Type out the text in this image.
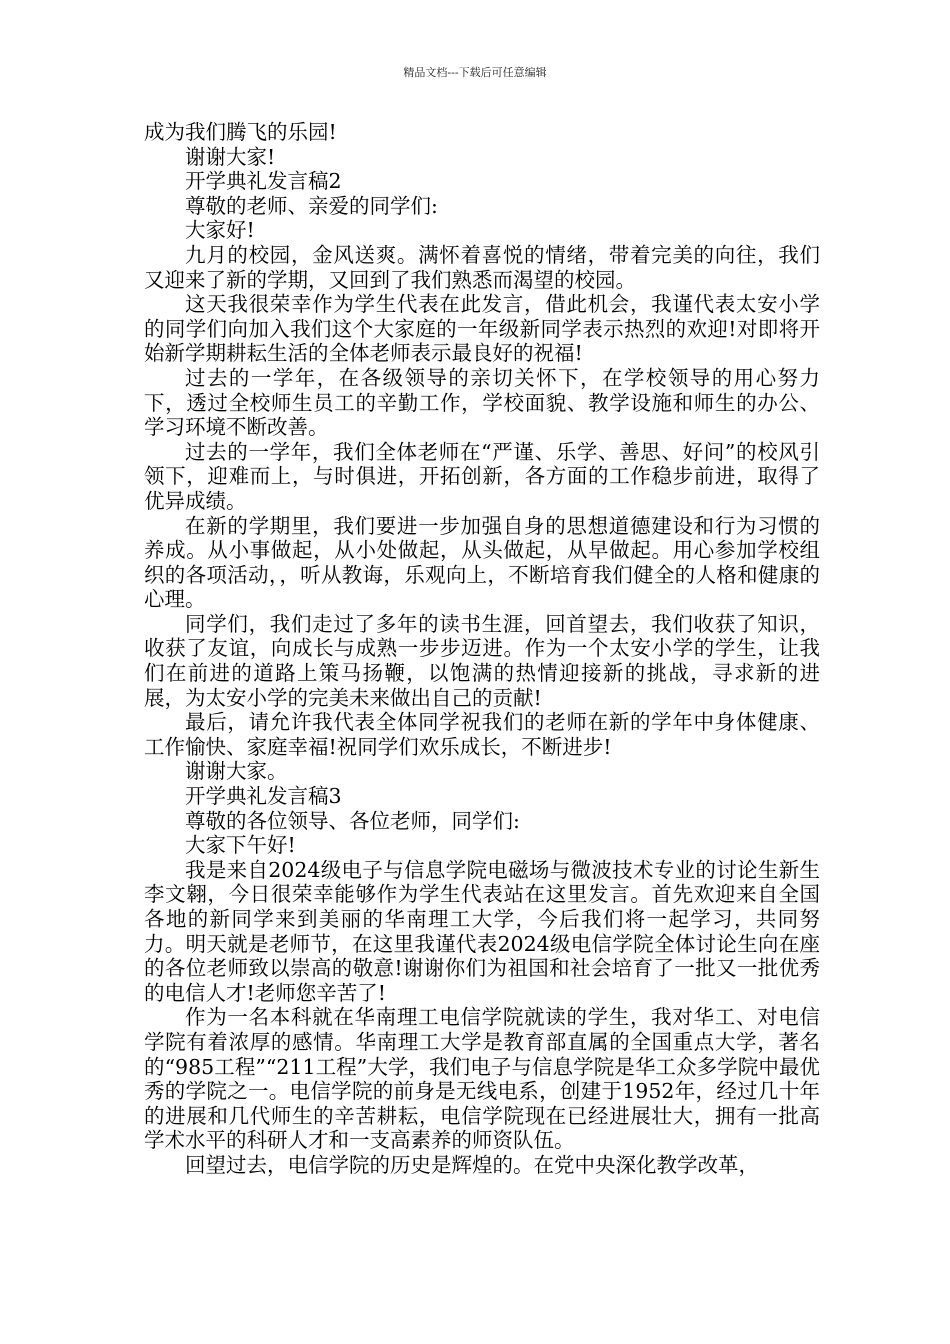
精品文档---下载后可任意编辑

成为我们腾飞的乐园!

谢谢大家!

开学典礼发言稿2

尊敬的老师、亲爱的同学们:

大家好!

九月的校园，金风送爽。满怀着喜悦的情绪，带着完美的向往，我们又迎来了新的学期，又回到了我们熟悉而渴望的校园。

这天我很荣幸作为学生代表在此发言，借此机会，我谨代表太安小学的同学们向加入我们这个大家庭的一年级新同学表示热烈的欢迎!对即将开始新学期耕耘生活的全体老师表示最良好的祝福!

过去的一学年，在各级领导的亲切关怀下，在学校领导的用心努力下，透过全校师生员工的辛勤工作，学校面貌、教学设施和师生的办公、学习环境不断改善。

过去的一学年，我们全体老师在“严谨、乐学、善思、好问”的校风引领下，迎难而上，与时俱进，开拓创新，各方面的工作稳步前进，取得了优异成绩。

在新的学期里，我们要进一步加强自身的思想道德建设和行为习惯的养成。从小事做起，从小处做起，从头做起，从早做起。用心参加学校组织的各项活动，，听从教诲，乐观向上，不断培育我们健全的人格和健康的心理。

同学们，我们走过了多年的读书生涯，回首望去，我们收获了知识，收获了友谊，向成长与成熟一步步迈进。作为一个太安小学的学生，让我们在前进的道路上策马扬鞭，以饱满的热情迎接新的挑战，寻求新的进展，为太安小学的完美未来做出自己的贡献!

最后，请允许我代表全体同学祝我们的老师在新的学年中身体健康、工作愉快、家庭幸福!祝同学们欢乐成长，不断进步!

谢谢大家。

开学典礼发言稿3

尊敬的各位领导、各位老师，同学们:

大家下午好!

我是来自2024级电子与信息学院电磁场与微波技术专业的讨论生新生李文翱，今日很荣幸能够作为学生代表站在这里发言。首先欢迎来自全国各地的新同学来到美丽的华南理工大学，今后我们将一起学习，共同努力。明天就是老师节，在这里我谨代表2024级电信学院全体讨论生向在座的各位老师致以崇高的敬意!谢谢你们为祖国和社会培育了一批又一批优秀的电信人才!老师您辛苦了!

作为一名本科就在华南理工电信学院就读的学生，我对华工、对电信学院有着浓厚的感情。华南理工大学是教育部直属的全国重点大学，著名的“985工程”“211工程”大学，我们电子与信息学院是华工众多学院中最优秀的学院之一。电信学院的前身是无线电系，创建于1952年，经过几十年的进展和几代师生的辛苦耕耘，电信学院现在已经进展壮大，拥有一批高学术水平的科研人才和一支高素养的师资队伍。

回望过去，电信学院的历史是辉煌的。在党中央深化教学改革，
